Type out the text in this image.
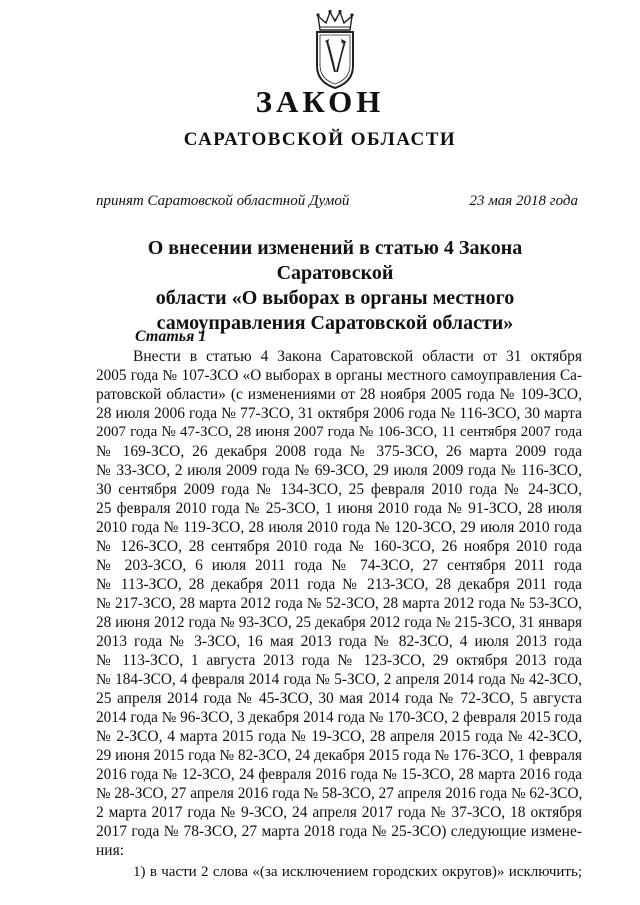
ЗАКОН
САРАТОВСКОЙ ОБЛАСТИ
принят Саратовской областной Думой	23 мая 2018 года
О внесении изменений в статью 4 Закона Саратовской
области «О выборах в органы местного
самоуправления Саратовской области»
Статья 1
Внести в статью 4 Закона Саратовской области от 31 октября
2005 года № 107-ЗСО «О выборах в органы местного самоуправления Са-
ратовской области» (с изменениями от 28 ноября 2005 года № 109-ЗСО,
28 июля 2006 года № 77-ЗСО, 31 октября 2006 года № 116-ЗСО, 30 марта
2007 года № 47-ЗСО, 28 июня 2007 года № 106-ЗСО, 11 сентября 2007 года
№ 169-ЗСО, 26 декабря 2008 года № 375-ЗСО, 26 марта 2009 года
№ 33-ЗСО, 2 июля 2009 года № 69-ЗСО, 29 июля 2009 года № 116-ЗСО,
30 сентября 2009 года № 134-ЗСО, 25 февраля 2010 года № 24-ЗСО,
25 февраля 2010 года № 25-ЗСО, 1 июня 2010 года № 91-ЗСО, 28 июля
2010 года № 119-ЗСО, 28 июля 2010 года № 120-ЗСО, 29 июля 2010 года
№ 126-ЗСО, 28 сентября 2010 года № 160-ЗСО, 26 ноября 2010 года
№ 203-ЗСО, 6 июля 2011 года № 74-ЗСО, 27 сентября 2011 года
№ 113-ЗСО, 28 декабря 2011 года № 213-ЗСО, 28 декабря 2011 года
№ 217-ЗСО, 28 марта 2012 года № 52-ЗСО, 28 марта 2012 года № 53-ЗСО,
28 июня 2012 года № 93-ЗСО, 25 декабря 2012 года № 215-ЗСО, 31 января
2013 года № 3-ЗСО, 16 мая 2013 года № 82-ЗСО, 4 июля 2013 года
№ 113-ЗСО, 1 августа 2013 года № 123-ЗСО, 29 октября 2013 года
№ 184-ЗСО, 4 февраля 2014 года № 5-ЗСО, 2 апреля 2014 года № 42-ЗСО,
25 апреля 2014 года № 45-ЗСО, 30 мая 2014 года № 72-ЗСО, 5 августа
2014 года № 96-ЗСО, 3 декабря 2014 года № 170-ЗСО, 2 февраля 2015 года
№ 2-ЗСО, 4 марта 2015 года № 19-ЗСО, 28 апреля 2015 года № 42-ЗСО,
29 июня 2015 года № 82-ЗСО, 24 декабря 2015 года № 176-ЗСО, 1 февраля
2016 года № 12-ЗСО, 24 февраля 2016 года № 15-ЗСО, 28 марта 2016 года
№ 28-ЗСО, 27 апреля 2016 года № 58-ЗСО, 27 апреля 2016 года № 62-ЗСО,
2 марта 2017 года № 9-ЗСО, 24 апреля 2017 года № 37-ЗСО, 18 октября
2017 года № 78-ЗСО, 27 марта 2018 года № 25-ЗСО) следующие измене-
ния:
1) в части 2 слова «(за исключением городских округов)» исключить;
